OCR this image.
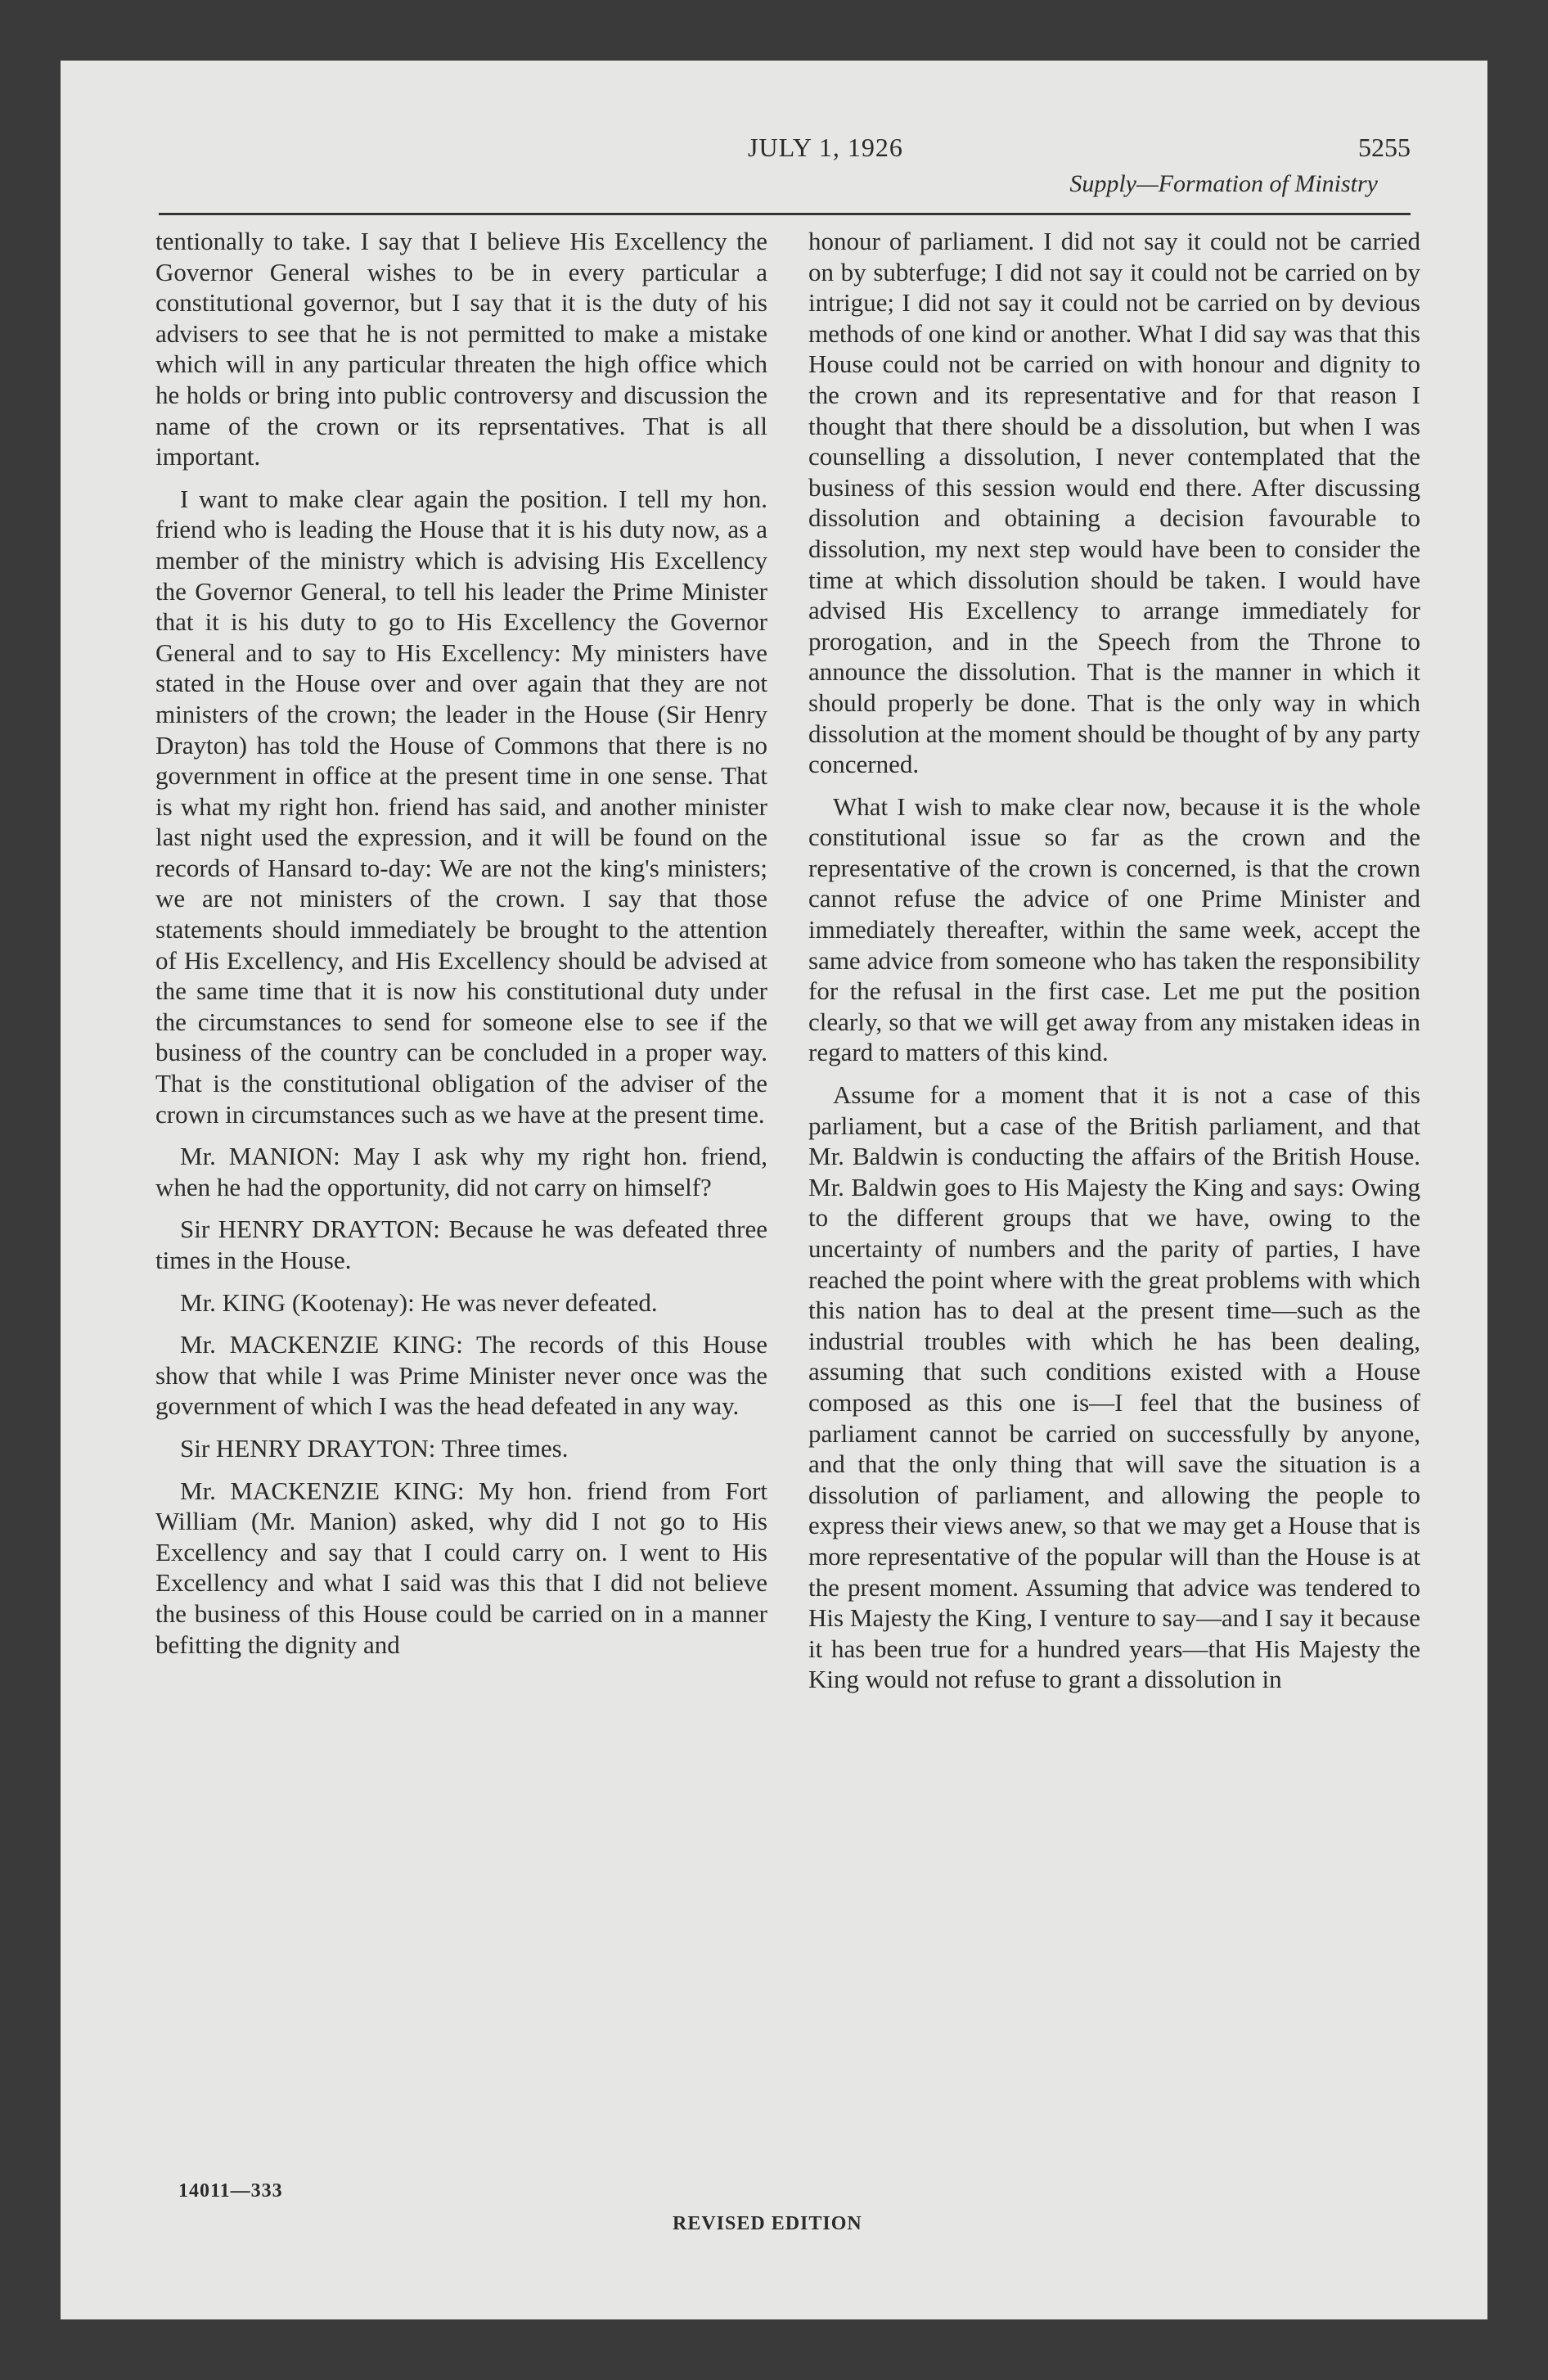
JULY 1, 1926	5255
Supply—Formation of Ministry

tentionally to take. I say that I believe His Excellency the Governor General wishes to be in every particular a constitutional governor, but I say that it is the duty of his advisers to see that he is not permitted to make a mistake which will in any particular threaten the high office which he holds or bring into public controversy and discussion the name of the crown or its reprsentatives. That is all important.

I want to make clear again the position. I tell my hon. friend who is leading the House that it is his duty now, as a member of the ministry which is advising His Excellency the Governor General, to tell his leader the Prime Minister that it is his duty to go to His Excellency the Governor General and to say to His Excellency: My ministers have stated in the House over and over again that they are not ministers of the crown; the leader in the House (Sir Henry Drayton) has told the House of Commons that there is no government in office at the present time in one sense. That is what my right hon. friend has said, and another minister last night used the expression, and it will be found on the records of Hansard to-day: We are not the king's ministers; we are not ministers of the crown. I say that those statements should immediately be brought to the attention of His Excellency, and His Excellency should be advised at the same time that it is now his constitutional duty under the circumstances to send for someone else to see if the business of the country can be concluded in a proper way. That is the constitutional obligation of the adviser of the crown in circumstances such as we have at the present time.

Mr. MANION: May I ask why my right hon. friend, when he had the opportunity, did not carry on himself?

Sir HENRY DRAYTON: Because he was defeated three times in the House.

Mr. KING (Kootenay): He was never defeated.

Mr. MACKENZIE KING: The records of this House show that while I was Prime Minister never once was the government of which I was the head defeated in any way.

Sir HENRY DRAYTON: Three times.

Mr. MACKENZIE KING: My hon. friend from Fort William (Mr. Manion) asked, why did I not go to His Excellency and say that I could carry on. I went to His Excellency and what I said was this that I did not believe the business of this House could be carried on in a manner befitting the dignity and

honour of parliament. I did not say it could not be carried on by subterfuge; I did not say it could not be carried on by intrigue; I did not say it could not be carried on by devious methods of one kind or another. What I did say was that this House could not be carried on with honour and dignity to the crown and its representative and for that reason I thought that there should be a dissolution, but when I was counselling a dissolution, I never contemplated that the business of this session would end there. After discussing dissolution and obtaining a decision favourable to dissolution, my next step would have been to consider the time at which dissolution should be taken. I would have advised His Excellency to arrange immediately for prorogation, and in the Speech from the Throne to announce the dissolution. That is the manner in which it should properly be done. That is the only way in which dissolution at the moment should be thought of by any party concerned.

What I wish to make clear now, because it is the whole constitutional issue so far as the crown and the representative of the crown is concerned, is that the crown cannot refuse the advice of one Prime Minister and immediately thereafter, within the same week, accept the same advice from someone who has taken the responsibility for the refusal in the first case. Let me put the position clearly, so that we will get away from any mistaken ideas in regard to matters of this kind.

Assume for a moment that it is not a case of this parliament, but a case of the British parliament, and that Mr. Baldwin is conducting the affairs of the British House. Mr. Baldwin goes to His Majesty the King and says: Owing to the different groups that we have, owing to the uncertainty of numbers and the parity of parties, I have reached the point where with the great problems with which this nation has to deal at the present time—such as the industrial troubles with which he has been dealing, assuming that such conditions existed with a House composed as this one is—I feel that the business of parliament cannot be carried on successfully by anyone, and that the only thing that will save the situation is a dissolution of parliament, and allowing the people to express their views anew, so that we may get a House that is more representative of the popular will than the House is at the present moment. Assuming that advice was tendered to His Majesty the King, I venture to say—and I say it because it has been true for a hundred years—that His Majesty the King would not refuse to grant a dissolution in

14011—333
REVISED EDITION
